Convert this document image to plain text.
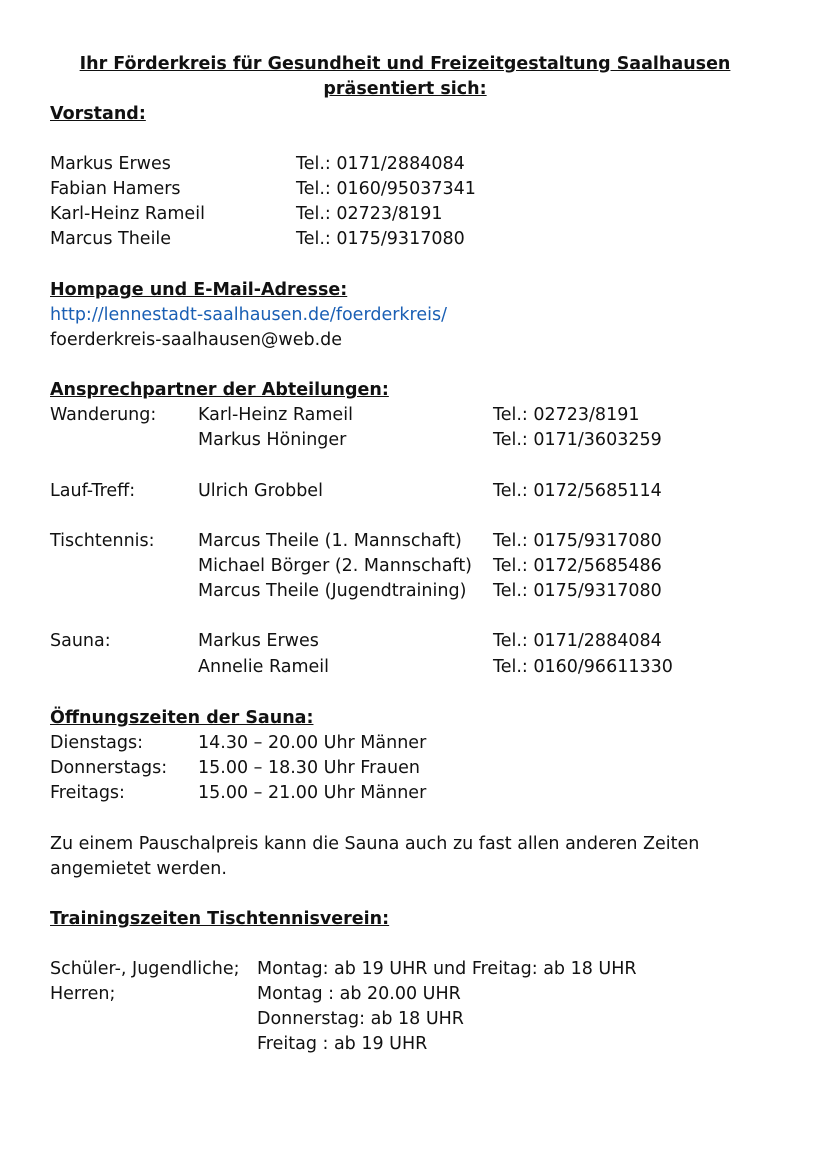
Ihr Förderkreis für Gesundheit und Freizeitgestaltung Saalhausen präsentiert sich:
Vorstand:
Markus Erwes	Tel.: 0171/2884084
Fabian Hamers	Tel.: 0160/95037341
Karl-Heinz Rameil	Tel.: 02723/8191
Marcus Theile	Tel.: 0175/9317080
Hompage und E-Mail-Adresse:
http://lennestadt-saalhausen.de/foerderkreis/
foerderkreis-saalhausen@web.de
Ansprechpartner der Abteilungen:
Wanderung: Karl-Heinz Rameil	Tel.: 02723/8191
Markus Höninger	Tel.: 0171/3603259
Lauf-Treff:	Ulrich Grobbel	Tel.: 0172/5685114
Tischtennis: Marcus Theile (1. Mannschaft) Tel.: 0175/9317080
Michael Börger (2. Mannschaft) Tel.: 0172/5685486
Marcus Theile (Jugendtraining) Tel.: 0175/9317080
Sauna:	Markus Erwes	Tel.: 0171/2884084
Annelie Rameil	Tel.: 0160/96611330
Öffnungszeiten der Sauna:
Dienstags:	14.30 – 20.00 Uhr Männer
Donnerstags: 15.00 – 18.30 Uhr Frauen
Freitags:	15.00 – 21.00 Uhr Männer
Zu einem Pauschalpreis kann die Sauna auch zu fast allen anderen Zeiten angemietet werden.
Trainingszeiten Tischtennisverein:
Schüler-, Jugendliche; Montag: ab 19 UHR und Freitag: ab 18 UHR
Herren;	Montag : ab 20.00 UHR
Donnerstag: ab 18 UHR
Freitag : ab 19 UHR
